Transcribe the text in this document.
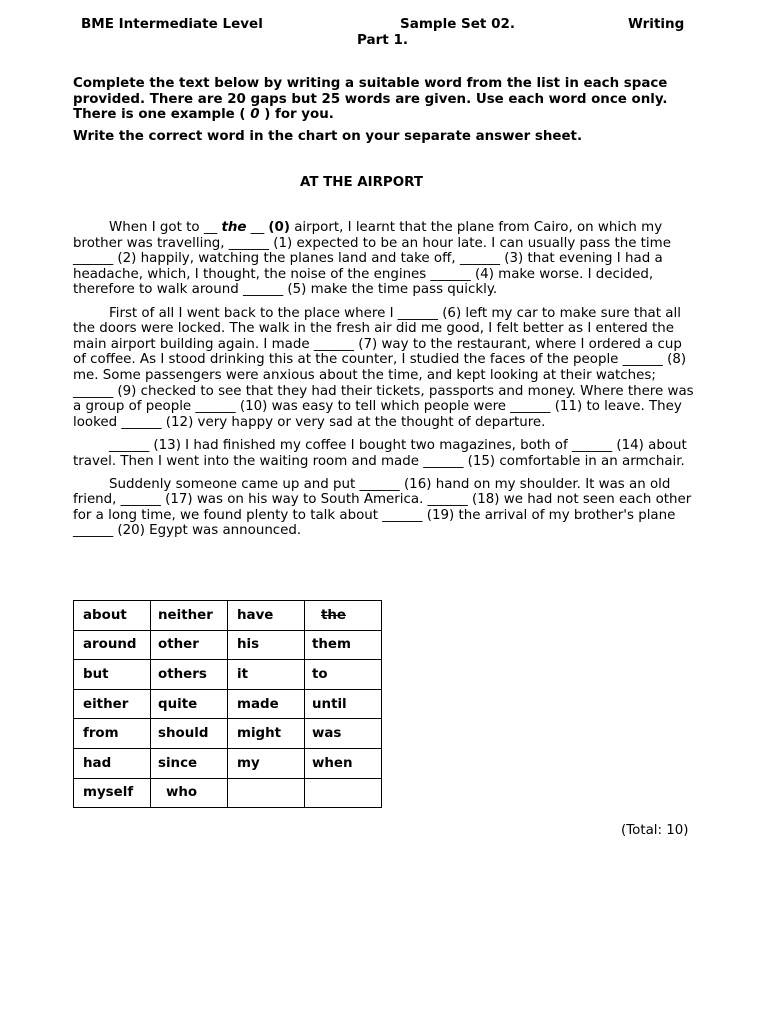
BME Intermediate Level	Sample Set 02.	Writing
Part 1.

Complete the text below by writing a suitable word from the list in each space provided. There are 20 gaps but 25 words are given. Use each word once only. There is one example ( 0 ) for you.

Write the correct word in the chart on your separate answer sheet.

AT THE AIRPORT

When I got to __ the __ (0) airport, I learnt that the plane from Cairo, on which my brother was travelling, ______ (1) expected to be an hour late. I can usually pass the time ______ (2) happily, watching the planes land and take off, ______ (3) that evening I had a headache, which, I thought, the noise of the engines ______ (4) make worse. I decided, therefore to walk around ______ (5) make the time pass quickly.

First of all I went back to the place where I ______ (6) left my car to make sure that all the doors were locked. The walk in the fresh air did me good, I felt better as I entered the main airport building again. I made ______ (7) way to the restaurant, where I ordered a cup of coffee. As I stood drinking this at the counter, I studied the faces of the people ______ (8) me. Some passengers were anxious about the time, and kept looking at their watches; ______ (9) checked to see that they had their tickets, passports and money. Where there was a group of people ______ (10) was easy to tell which people were ______ (11) to leave. They looked ______ (12) very happy or very sad at the thought of departure.

______ (13) I had finished my coffee I bought two magazines, both of ______ (14) about travel. Then I went into the waiting room and made ______ (15) comfortable in an armchair.

Suddenly someone came up and put ______ (16) hand on my shoulder. It was an old friend, ______ (17) was on his way to South America. ______ (18) we had not seen each other for a long time, we found plenty to talk about ______ (19) the arrival of my brother's plane ______ (20) Egypt was announced.

about	neither	have	the
around	other	his	them
but	others	it	to
either	quite	made	until
from	should	might	was
had	since	my	when
myself	who		

(Total: 10)
